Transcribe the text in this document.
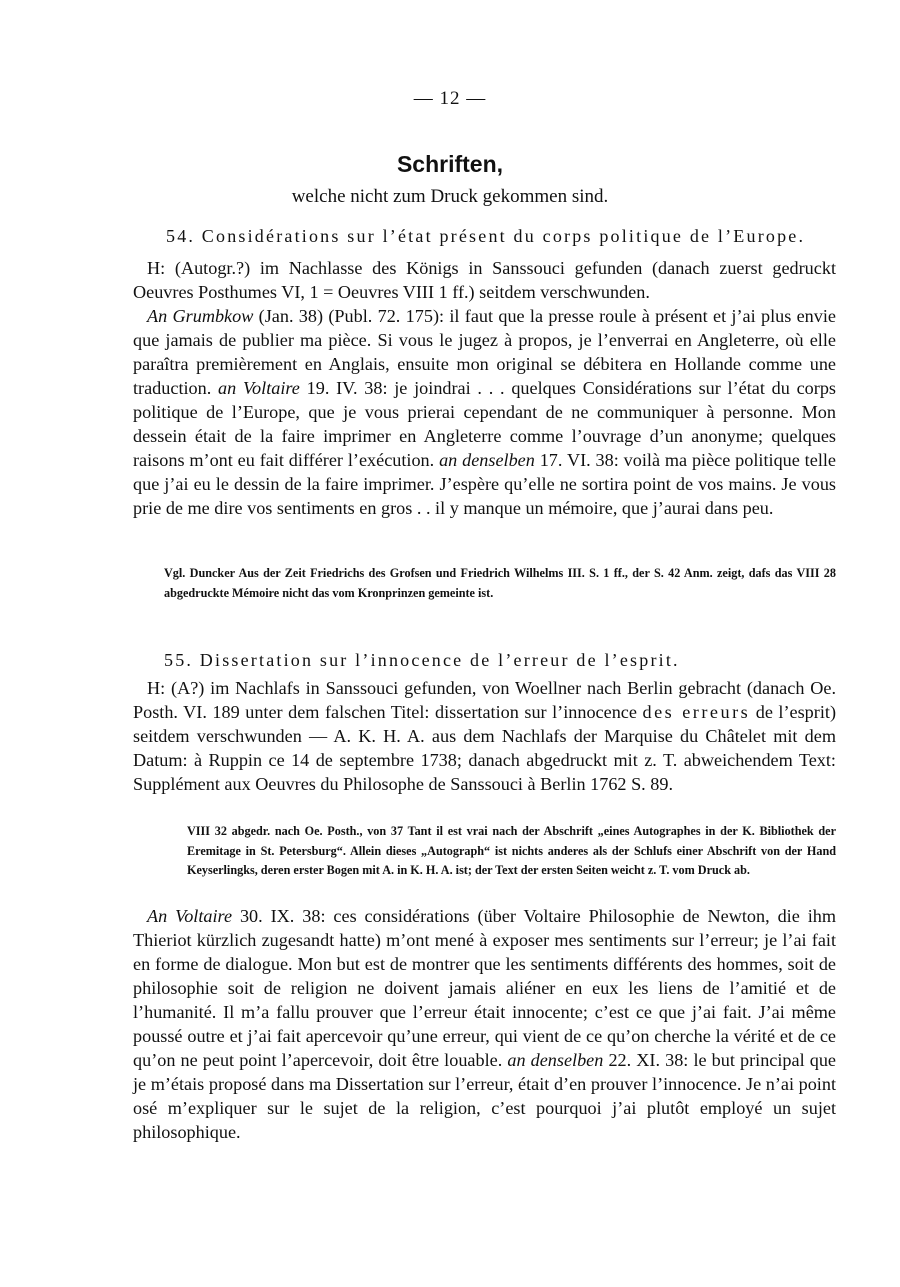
— 12 —
Schriften,
welche nicht zum Druck gekommen sind.
54. Considérations sur l’état présent du corps politique de l’Europe.

H: (Autogr.?) im Nachlasse des Königs in Sanssouci gefunden (danach zuerst gedruckt Oeuvres Posthumes VI, 1 = Oeuvres VIII 1 ff.) seitdem verschwunden.

An Grumbkow (Jan. 38) (Publ. 72. 175): il faut que la presse roule à présent et j’ai plus envie que jamais de publier ma pièce. Si vous le jugez à propos, je l’enverrai en Angleterre, où elle paraîtra premièrement en Anglais, ensuite mon original se débitera en Hollande comme une traduction. an Voltaire 19. IV. 38: je joindrai . . . quelques Considérations sur l’état du corps politique de l’Europe, que je vous prierai cependant de ne communiquer à personne. Mon dessein était de la faire imprimer en Angleterre comme l’ouvrage d’un anonyme; quelques raisons m’ont eu fait différer l’exécution. an denselben 17. VI. 38: voilà ma pièce politique telle que j’ai eu le dessin de la faire imprimer. J’espère qu’elle ne sortira point de vos mains. Je vous prie de me dire vos sentiments en gros . . il y manque un mémoire, que j’aurai dans peu.

Vgl. Duncker Aus der Zeit Friedrichs des Grofsen und Friedrich Wilhelms III. S. 1 ff., der S. 42 Anm. zeigt, dafs das VIII 28 abgedruckte Mémoire nicht das vom Kronprinzen gemeinte ist.
55. Dissertation sur l’innocence de l’erreur de l’esprit.

H: (A?) im Nachlafs in Sanssouci gefunden, von Woellner nach Berlin gebracht (danach Oe. Posth. VI. 189 unter dem falschen Titel: dissertation sur l’innocence des erreurs de l’esprit) seitdem verschwunden — A. K. H. A. aus dem Nachlafs der Marquise du Châtelet mit dem Datum: à Ruppin ce 14 de septembre 1738; danach abgedruckt mit z. T. abweichendem Text: Supplément aux Oeuvres du Philosophe de Sanssouci à Berlin 1762 S. 89.

VIII 32 abgedr. nach Oe. Posth., von 37 Tant il est vrai nach der Abschrift „eines Autographes in der K. Bibliothek der Eremitage in St. Petersburg“. Allein dieses „Autograph“ ist nichts anderes als der Schlufs einer Abschrift von der Hand Keyserlingks, deren erster Bogen mit A. in K. H. A. ist; der Text der ersten Seiten weicht z. T. vom Druck ab.

An Voltaire 30. IX. 38: ces considérations (über Voltaire Philosophie de Newton, die ihm Thieriot kürzlich zugesandt hatte) m’ont mené à exposer mes sentiments sur l’erreur; je l’ai fait en forme de dialogue. Mon but est de montrer que les sentiments différents des hommes, soit de philosophie soit de religion ne doivent jamais aliéner en eux les liens de l’amitié et de l’humanité. Il m’a fallu prouver que l’erreur était innocente; c’est ce que j’ai fait. J’ai même poussé outre et j’ai fait apercevoir qu’une erreur, qui vient de ce qu’on cherche la vérité et de ce qu’on ne peut point l’apercevoir, doit être louable. an denselben 22. XI. 38: le but principal que je m’étais proposé dans ma Dissertation sur l’erreur, était d’en prouver l’innocence. Je n’ai point osé m’expliquer sur le sujet de la religion, c’est pourquoi j’ai plutôt employé un sujet philosophique.
